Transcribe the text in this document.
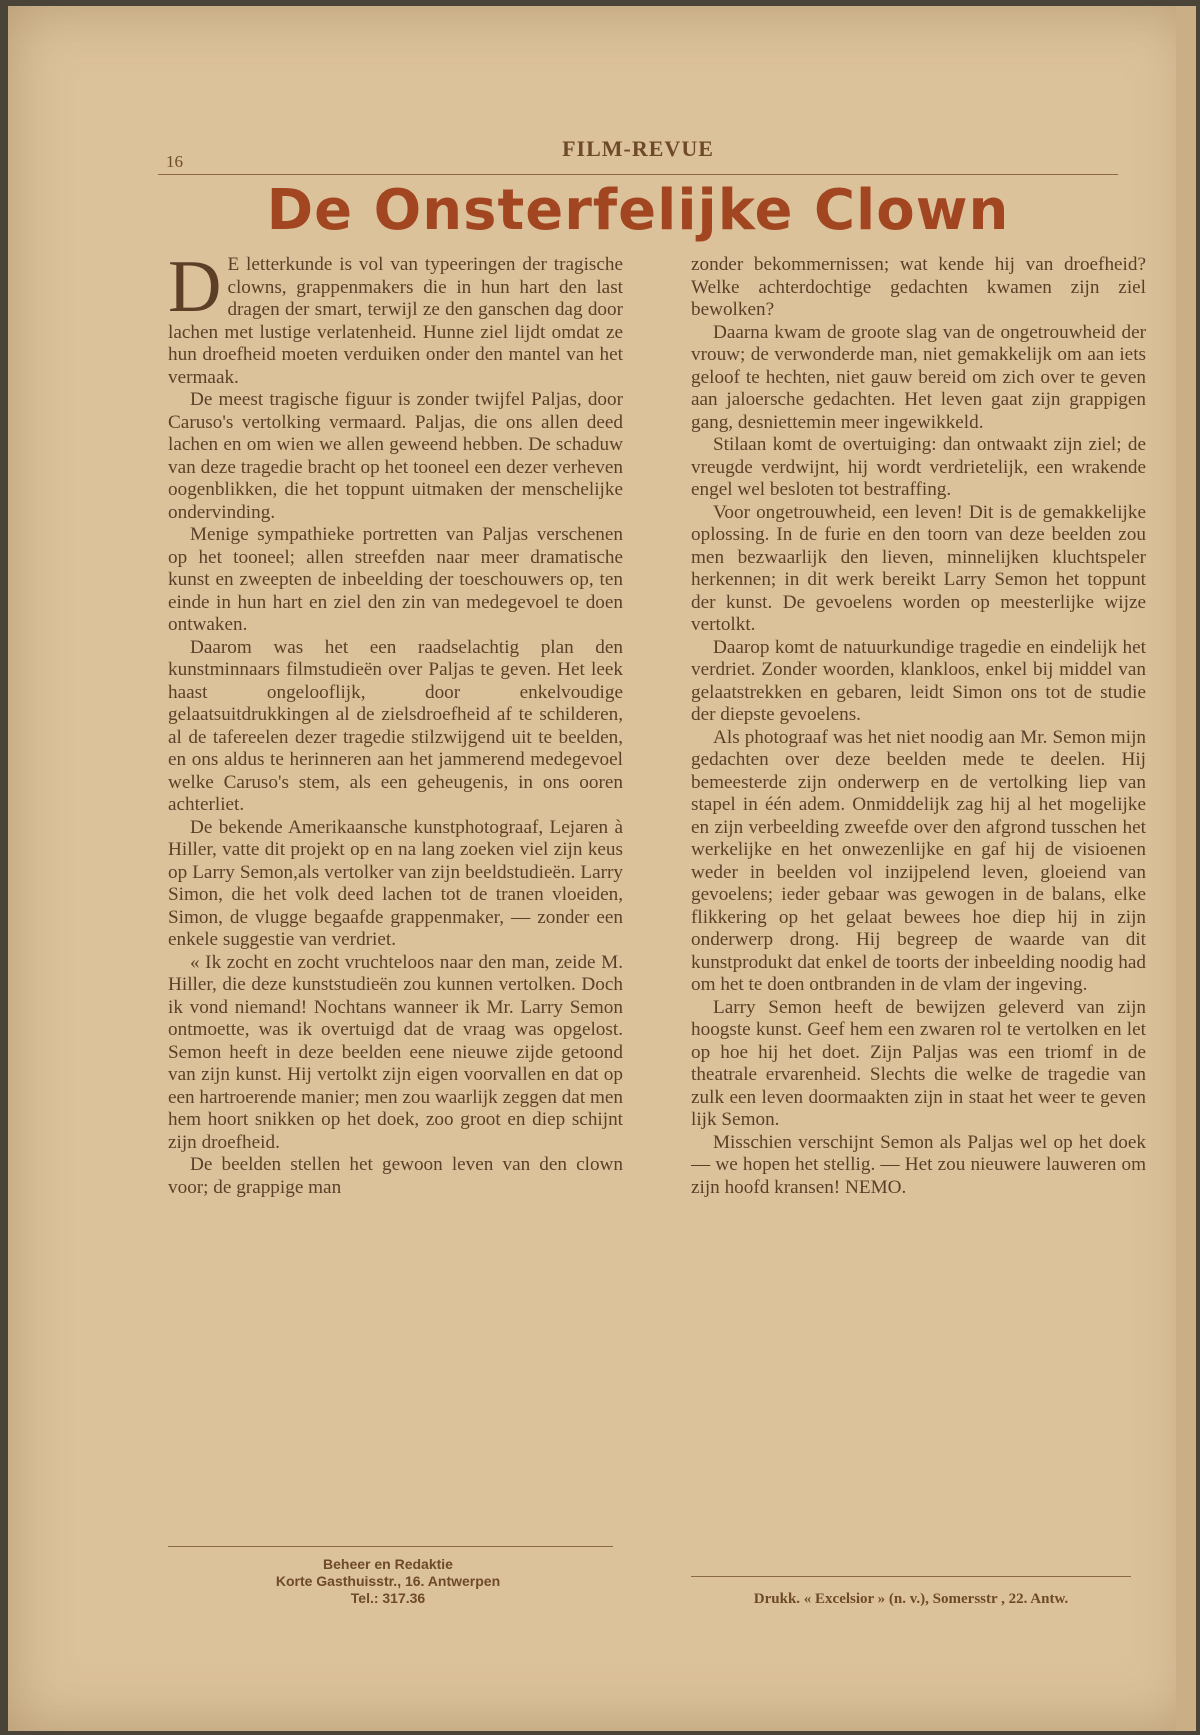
16
FILM-REVUE
De Onsterfelijke Clown

D E letterkunde is vol van typeeringen der tragische clowns, grappenmakers die in hun hart den last dragen der smart, terwijl ze den ganschen dag door lachen met lustige verlatenheid. Hunne ziel lijdt omdat ze hun droefheid moeten verduiken onder den mantel van het vermaak.

De meest tragische figuur is zonder twijfel Paljas, door Caruso's vertolking vermaard. Paljas, die ons allen deed lachen en om wien we allen geweend hebben. De schaduw van deze tragedie bracht op het tooneel een dezer verheven oogenblikken, die het toppunt uitmaken der menschelijke ondervinding.

Menige sympathieke portretten van Paljas verschenen op het tooneel; allen streefden naar meer dramatische kunst en zweepten de inbeelding der toeschouwers op, ten einde in hun hart en ziel den zin van medegevoel te doen ontwaken.

Daarom was het een raadselachtig plan den kunstminnaars filmstudieën over Paljas te geven. Het leek haast ongelooflijk, door enkelvoudige gelaatsuitdrukkingen al de zielsdroefheid af te schilderen, al de tafereelen dezer tragedie stilzwijgend uit te beelden, en ons aldus te herinneren aan het jammerend medegevoel welke Caruso's stem, als een geheugenis, in ons ooren achterliet.

De bekende Amerikaansche kunstphotograaf, Lejaren à Hiller, vatte dit projekt op en na lang zoeken viel zijn keus op Larry Semon,als vertolker van zijn beeldstudieën. Larry Simon, die het volk deed lachen tot de tranen vloeiden, Simon, de vlugge begaafde grappenmaker, — zonder een enkele suggestie van verdriet.

« Ik zocht en zocht vruchteloos naar den man, zeide M. Hiller, die deze kunststudieën zou kunnen vertolken. Doch ik vond niemand! Nochtans wanneer ik Mr. Larry Semon ontmoette, was ik overtuigd dat de vraag was opgelost. Semon heeft in deze beelden eene nieuwe zijde getoond van zijn kunst. Hij vertolkt zijn eigen voorvallen en dat op een hartroerende manier; men zou waarlijk zeggen dat men hem hoort snikken op het doek, zoo groot en diep schijnt zijn droefheid.

De beelden stellen het gewoon leven van den clown voor; de grappige man

zonder bekommernissen; wat kende hij van droefheid? Welke achterdochtige gedachten kwamen zijn ziel bewolken?

Daarna kwam de groote slag van de ongetrouwheid der vrouw; de verwonderde man, niet gemakkelijk om aan iets geloof te hechten, niet gauw bereid om zich over te geven aan jaloersche gedachten. Het leven gaat zijn grappigen gang, desniettemin meer ingewikkeld.

Stilaan komt de overtuiging: dan ontwaakt zijn ziel; de vreugde verdwijnt, hij wordt verdrietelijk, een wrakende engel wel besloten tot bestraffing.

Voor ongetrouwheid, een leven! Dit is de gemakkelijke oplossing. In de furie en den toorn van deze beelden zou men bezwaarlijk den lieven, minnelijken kluchtspeler herkennen; in dit werk bereikt Larry Semon het toppunt der kunst. De gevoelens worden op meesterlijke wijze vertolkt.

Daarop komt de natuurkundige tragedie en eindelijk het verdriet. Zonder woorden, klankloos, enkel bij middel van gelaatstrekken en gebaren, leidt Simon ons tot de studie der diepste gevoelens.

Als photograaf was het niet noodig aan Mr. Semon mijn gedachten over deze beelden mede te deelen. Hij bemeesterde zijn onderwerp en de vertolking liep van stapel in één adem. Onmiddelijk zag hij al het mogelijke en zijn verbeelding zweefde over den afgrond tusschen het werkelijke en het onwezenlijke en gaf hij de visioenen weder in beelden vol inzijpelend leven, gloeiend van gevoelens; ieder gebaar was gewogen in de balans, elke flikkering op het gelaat bewees hoe diep hij in zijn onderwerp drong. Hij begreep de waarde van dit kunstprodukt dat enkel de toorts der inbeelding noodig had om het te doen ontbranden in de vlam der ingeving.

Larry Semon heeft de bewijzen geleverd van zijn hoogste kunst. Geef hem een zwaren rol te vertolken en let op hoe hij het doet. Zijn Paljas was een triomf in de theatrale ervarenheid. Slechts die welke de tragedie van zulk een leven doormaakten zijn in staat het weer te geven lijk Semon.

Misschien verschijnt Semon als Paljas wel op het doek — we hopen het stellig. — Het zou nieuwere lauweren om zijn hoofd kransen! NEMO.

Beheer en Redaktie
Korte Gasthuisstr., 16. Antwerpen
Tel.: 317.36	Drukk. « Excelsior » (n. v.), Somersstr , 22. Antw.
